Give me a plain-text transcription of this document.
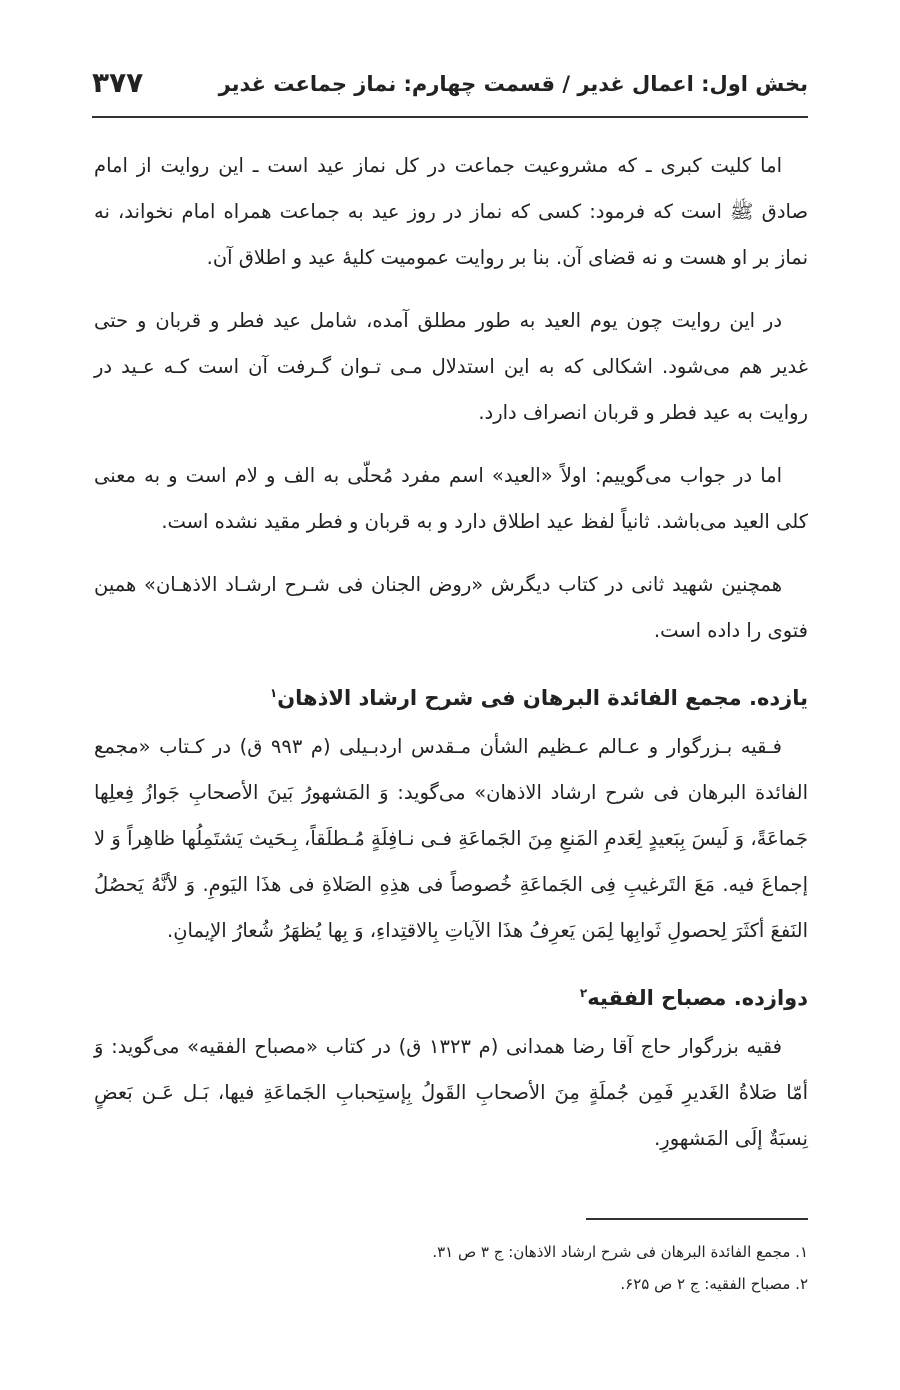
بخش اول: اعمال غدیر / قسمت چهارم: نماز جماعت غدیر
۳۷۷

اما کلیت کبری ـ که مشروعیت جماعت در کل نماز عید است ـ این روایت از امام صادق ﷺ است که فرمود: کسی که نماز در روز عید به جماعت همراه امام نخواند، نه نماز بر او هست و نه قضای آن. بنا بر روایت عمومیت کلیهٔ عید و اطلاق آن.

در این روایت چون یوم العید به طور مطلق آمده، شامل عید فطر و قربان و حتی غدیر هم می‌شود. اشکالی که به این استدلال مـی تـوان گـرفت آن است کـه عـید در روایت به عید فطر و قربان انصراف دارد.

اما در جواب می‌گوییم: اولاً «العید» اسم مفرد مُحلّی به الف و لام است و به معنی کلی العید می‌باشد. ثانیاً لفظ عید اطلاق دارد و به قربان و فطر مقید نشده است.

همچنین شهید ثانی در کتاب دیگرش «روض الجنان فی شـرح ارشـاد الاذهـان» همین فتوی را داده است.

یازده. مجمع الفائدة البرهان فی شرح ارشاد الاذهان$^۱$

فـقیه بـزرگوار و عـالم عـظیم الشأن مـقدس اردبـیلی (م ۹۹۳ ق) در کـتاب «مجمع الفائدة البرهان فی شرح ارشاد الاذهان» می‌گوید: وَ المَشهورُ بَینَ الأصحابِ جَوازُ فِعلِها جَماعَةً، وَ لَیسَ بِبَعیدٍ لِعَدمِ المَنعِ مِنَ الجَماعَةِ فـی نـافِلَةٍ مُـطلَقاً، بِـحَیث یَشتَمِلُها ظاهِراً وَ لا إجماعَ فیه. مَعَ التَرغیبِ فِی الجَماعَةِ خُصوصاً فی هذِهِ الصَلاةِ فی هذَا الیَومِ. وَ لأنَّهُ یَحصُلُ النَفعَ أکثَرَ لِحصولِ ثَوابِها لِمَن یَعرِفُ هذَا الآیاتِ بِالاقتِداءِ، وَ بِها یُظهَرُ شُعارُ الإیمانِ.

دوازده. مصباح الفقیه$^۲$

فقیه بزرگوار حاج آقا رضا همدانی (م ۱۳۲۳ ق) در کتاب «مصباح الفقیه» می‌گوید: وَ أمّا صَلاةُ الغَدیرِ فَمِن جُملَةٍ مِنَ الأصحابِ القَولُ بِإستِحبابِ الجَماعَةِ فیها، بَـل عَـن بَعضٍ نِسبَةٌ إلَی المَشهورِ.

۱. مجمع الفائدة البرهان فی شرح ارشاد الاذهان: ج ۳ ص ۳۱.
۲. مصباح الفقیه: ج ۲ ص ۶۲۵.
